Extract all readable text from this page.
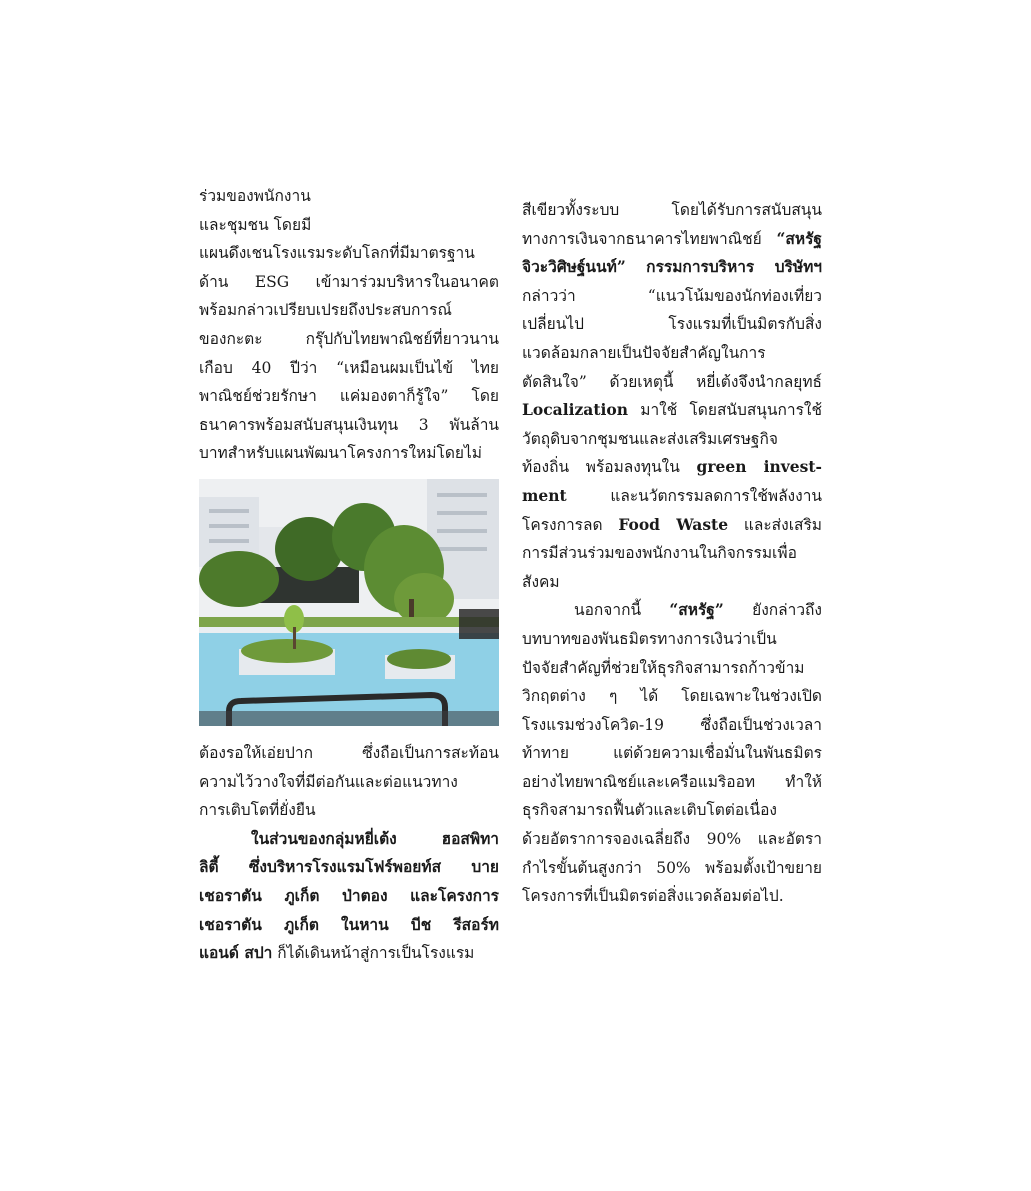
ร่วมของพนักงาน
และชุมชน โดยมี
แผนดึงเชนโรงแรมระดับโลกที่มีมาตรฐาน
ด้าน ESG เข้ามาร่วมบริหารในอนาคต
พร้อมกล่าวเปรียบเปรยถึงประสบการณ์
ของกะตะ กรุ๊ปกับไทยพาณิชย์ที่ยาวนาน
เกือบ 40 ปีว่า “เหมือนผมเป็นไข้ ไทย
พาณิชย์ช่วยรักษา แค่มองตาก็รู้ใจ” โดย
ธนาคารพร้อมสนับสนุนเงินทุน 3 พันล้าน
บาทสำหรับแผนพัฒนาโครงการใหม่โดยไม่
ต้องรอให้เอ่ยปาก ซึ่งถือเป็นการสะท้อน
ความไว้วางใจที่มีต่อกันและต่อแนวทาง
การเติบโตที่ยั่งยืน
ในส่วนของกลุ่มหยี่เต้ง ฮอสพิทา
ลิตี้ ซึ่งบริหารโรงแรมโฟร์พอยท์ส บาย
เชอราตัน ภูเก็ต ป่าตอง และโครงการ
เชอราตัน ภูเก็ต ในหาน บีช รีสอร์ท
แอนด์ สปา ก็ได้เดินหน้าสู่การเป็นโรงแรม
สีเขียวทั้งระบบ โดยได้รับการสนับสนุน
ทางการเงินจากธนาคารไทยพาณิชย์ “สหรัฐ
จิวะวิศิษฐ์นนท์” กรรมการบริหาร บริษัทฯ
กล่าวว่า “แนวโน้มของนักท่องเที่ยว
เปลี่ยนไป โรงแรมที่เป็นมิตรกับสิ่ง
แวดล้อมกลายเป็นปัจจัยสำคัญในการ
ตัดสินใจ” ด้วยเหตุนี้ หยี่เต้งจึงนำกลยุทธ์
Localization มาใช้ โดยสนับสนุนการใช้
วัตถุดิบจากชุมชนและส่งเสริมเศรษฐกิจ
ท้องถิ่น พร้อมลงทุนใน green invest-
ment และนวัตกรรมลดการใช้พลังงาน
โครงการลด Food Waste และส่งเสริม
การมีส่วนร่วมของพนักงานในกิจกรรมเพื่อ
สังคม
นอกจากนี้ “สหรัฐ” ยังกล่าวถึง
บทบาทของพันธมิตรทางการเงินว่าเป็น
ปัจจัยสำคัญที่ช่วยให้ธุรกิจสามารถก้าวข้าม
วิกฤตต่าง ๆ ได้ โดยเฉพาะในช่วงเปิด
โรงแรมช่วงโควิด-19 ซึ่งถือเป็นช่วงเวลา
ท้าทาย แต่ด้วยความเชื่อมั่นในพันธมิตร
อย่างไทยพาณิชย์และเครือแมริออท ทำให้
ธุรกิจสามารถฟื้นตัวและเติบโตต่อเนื่อง
ด้วยอัตราการจองเฉลี่ยถึง 90% และอัตรา
กำไรขั้นต้นสูงกว่า 50% พร้อมตั้งเป้าขยาย
โครงการที่เป็นมิตรต่อสิ่งแวดล้อมต่อไป.
